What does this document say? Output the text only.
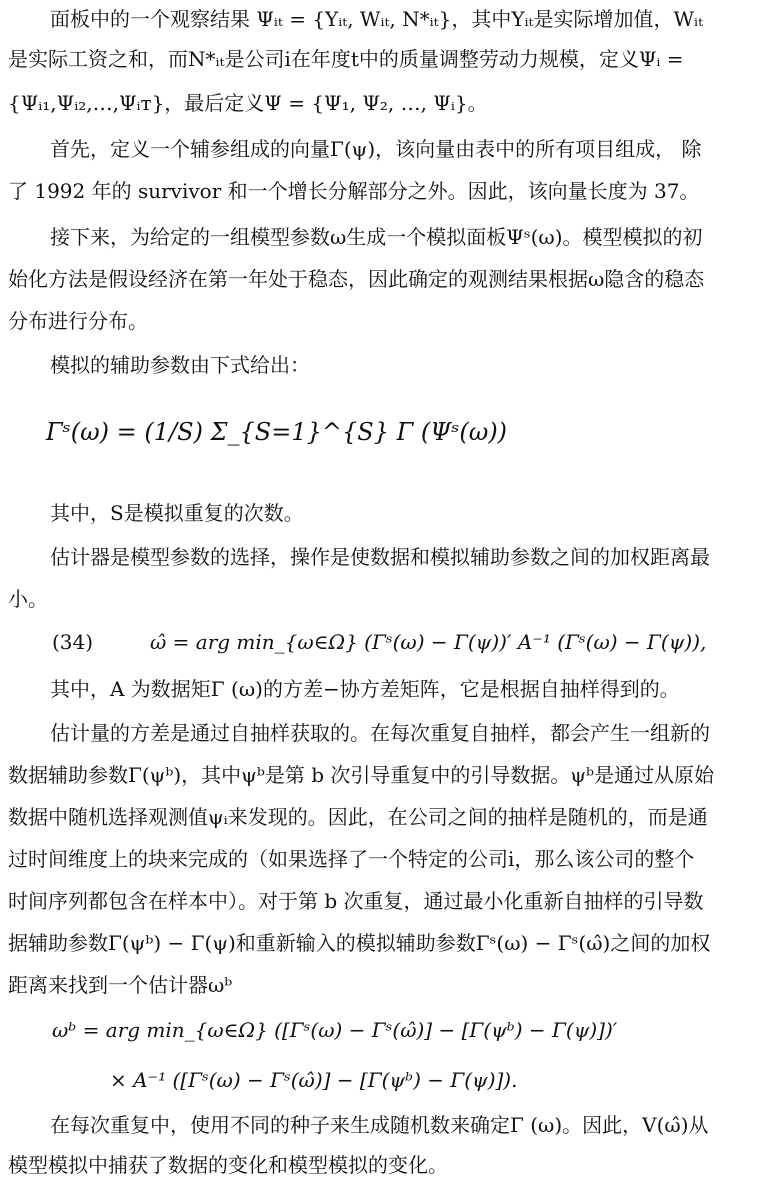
面板中的一个观察结果 Ψᵢₜ = {Yᵢₜ, Wᵢₜ, N*ᵢₜ}，其中Yᵢₜ是实际增加值，Wᵢₜ
是实际工资之和，而N*ᵢₜ是公司i在年度t中的质量调整劳动力规模，定义Ψᵢ =
{Ψᵢ₁,Ψᵢ₂,…,Ψᵢᴛ}，最后定义Ψ = {Ψ₁, Ψ₂, …, Ψᵢ}。
首先，定义一个辅参组成的向量Γ(ψ)，该向量由表中的所有项目组成， 除
了 1992 年的 survivor 和一个增长分解部分之外。因此，该向量长度为 37。
接下来，为给定的一组模型参数ω生成一个模拟面板Ψˢ(ω)。模型模拟的初
始化方法是假设经济在第一年处于稳态，因此确定的观测结果根据ω隐含的稳态
分布进行分布。
模拟的辅助参数由下式给出：
Γˢ(ω) = (1/S) Σ_{S=1}^{S} Γ (Ψˢ(ω))
其中，S是模拟重复的次数。
估计器是模型参数的选择，操作是使数据和模拟辅助参数之间的加权距离最
小。
(34)	ω̂ = arg min_{ω∈Ω} (Γˢ(ω) − Γ(ψ))′ A⁻¹ (Γˢ(ω) − Γ(ψ)),
其中，A 为数据矩Γ (ω)的方差−协方差矩阵，它是根据自抽样得到的。
估计量的方差是通过自抽样获取的。在每次重复自抽样，都会产生一组新的
数据辅助参数Γ(ψᵇ)，其中ψᵇ是第 b 次引导重复中的引导数据。ψᵇ是通过从原始
数据中随机选择观测值ψᵢ来发现的。因此，在公司之间的抽样是随机的，而是通
过时间维度上的块来完成的（如果选择了一个特定的公司i，那么该公司的整个
时间序列都包含在样本中）。对于第 b 次重复，通过最小化重新自抽样的引导数
据辅助参数Γ(ψᵇ) − Γ(ψ)和重新输入的模拟辅助参数Γˢ(ω) − Γˢ(ω̂)之间的加权
距离来找到一个估计器ωᵇ
ωᵇ = arg min_{ω∈Ω} ([Γˢ(ω) − Γˢ(ω̂)] − [Γ(ψᵇ) − Γ(ψ)])′
× A⁻¹ ([Γˢ(ω) − Γˢ(ω̂)] − [Γ(ψᵇ) − Γ(ψ)]).
在每次重复中，使用不同的种子来生成随机数来确定Γ (ω)。因此，V(ω̂)从
模型模拟中捕获了数据的变化和模型模拟的变化。
